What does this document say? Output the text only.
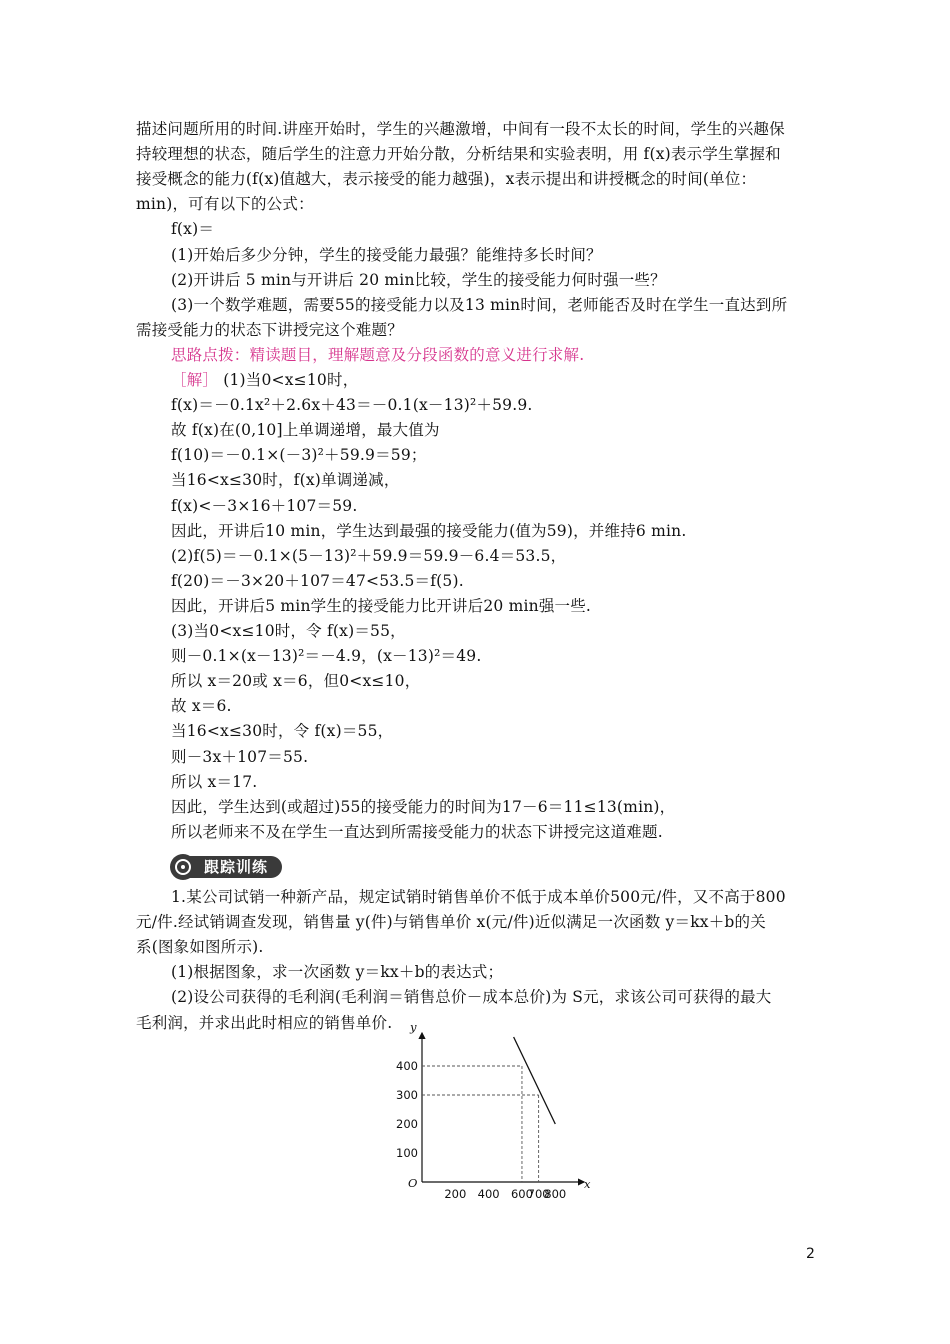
描述问题所用的时间.讲座开始时，学生的兴趣激增，中间有一段不太长的时间，学生的兴趣保
持较理想的状态，随后学生的注意力开始分散，分析结果和实验表明，用 f(x)表示学生掌握和
接受概念的能力(f(x)值越大，表示接受的能力越强)，x表示提出和讲授概念的时间(单位：
min)，可有以下的公式：
f(x)＝
(1)开始后多少分钟，学生的接受能力最强？能维持多长时间？
(2)开讲后 5 min与开讲后 20 min比较，学生的接受能力何时强一些？
(3)一个数学难题，需要55的接受能力以及13 min时间，老师能否及时在学生一直达到所
需接受能力的状态下讲授完这个难题？
思路点拨：精读题目，理解题意及分段函数的意义进行求解.
［解］ (1)当0<x≤10时，
f(x)＝－0.1x²＋2.6x＋43＝－0.1(x－13)²＋59.9.
故 f(x)在(0,10]上单调递增，最大值为
f(10)＝－0.1×(－3)²＋59.9＝59；
当16<x≤30时，f(x)单调递减，
f(x)<－3×16＋107＝59.
因此，开讲后10 min，学生达到最强的接受能力(值为59)，并维持6 min.
(2)f(5)＝－0.1×(5－13)²＋59.9＝59.9－6.4＝53.5，
f(20)＝－3×20＋107＝47<53.5＝f(5).
因此，开讲后5 min学生的接受能力比开讲后20 min强一些.
(3)当0<x≤10时，令 f(x)＝55，
则－0.1×(x－13)²＝－4.9，(x－13)²＝49.
所以 x＝20或 x＝6，但0<x≤10，
故 x＝6.
当16<x≤30时，令 f(x)＝55，
则－3x＋107＝55.
所以 x＝17.
因此，学生达到(或超过)55的接受能力的时间为17－6＝11≤13(min)，
所以老师来不及在学生一直达到所需接受能力的状态下讲授完这道难题.
跟踪训练
1.某公司试销一种新产品，规定试销时销售单价不低于成本单价500元/件，又不高于800
元/件.经试销调查发现，销售量 y(件)与销售单价 x(元/件)近似满足一次函数 y＝kx＋b的关
系(图象如图所示).
(1)根据图象，求一次函数 y＝kx＋b的表达式；
(2)设公司获得的毛利润(毛利润＝销售总价－成本总价)为 S元，求该公司可获得的最大
毛利润，并求出此时相应的销售单价.
x
y
O
200 400 600
700
800
100
200
300
400
2
